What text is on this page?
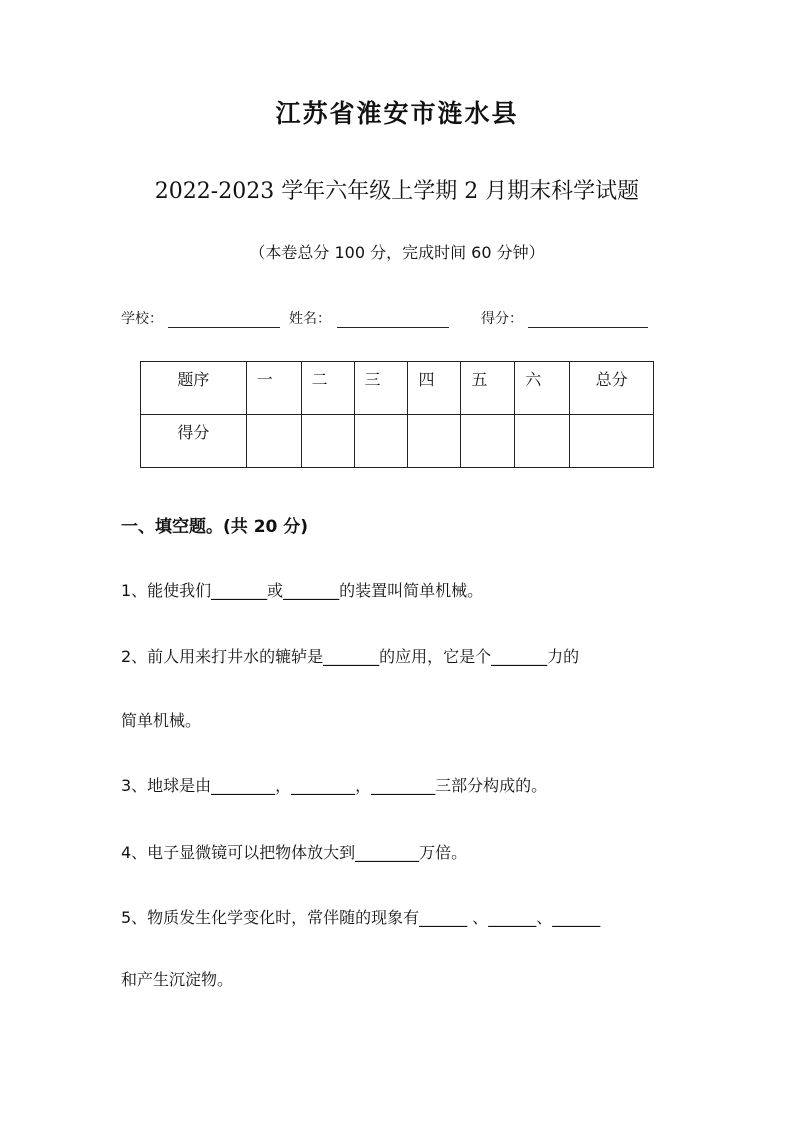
江苏省淮安市涟水县
2022-2023 学年六年级上学期 2 月期末科学试题
（本卷总分 100 分，完成时间 60 分钟）
学校：	姓名：	得分：
题序	一	二	三	四	五	六	总分
得分							
一、填空题。(共 20 分)
1、能使我们_______或_______的装置叫简单机械。
2、前人用来打井水的辘轳是_______的应用，它是个_______力的
简单机械。
3、地球是由________，________，________三部分构成的。
4、电子显微镜可以把物体放大到________万倍。
5、物质发生化学变化时，常伴随的现象有______ 、______、______
和产生沉淀物。
